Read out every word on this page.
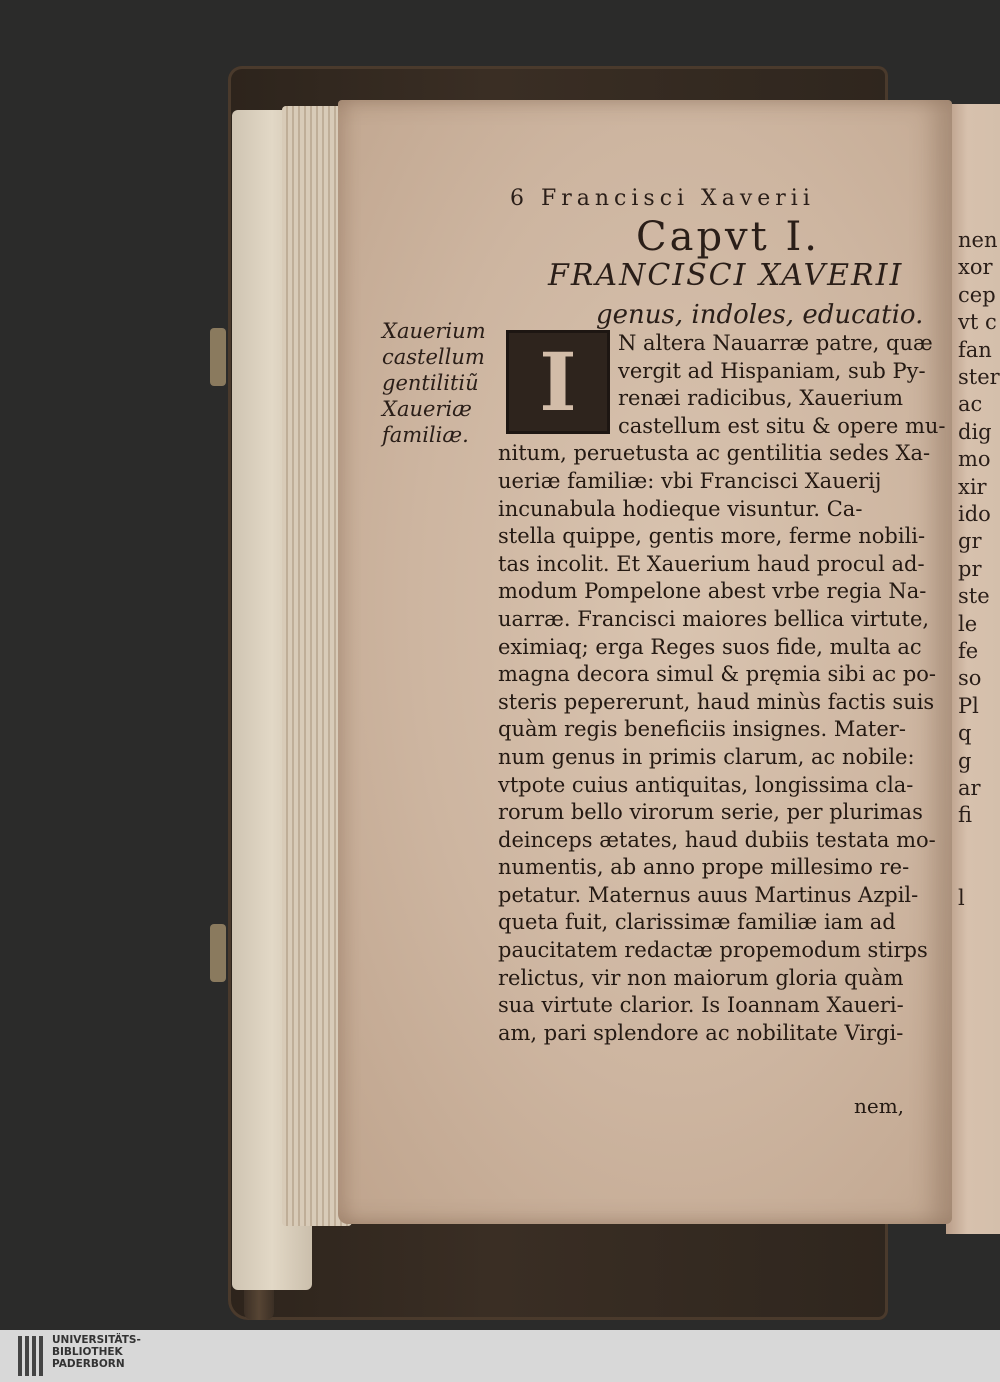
nen
xor
cep
vt c
fan
ster
ac
dig
mo
xir
ido
gr
pr
ste
le
fe
so
Pl
q
g
ar
fi
l
6 Francisci Xaverii
Capvt I.
FRANCISCI XAVERII
genus, indoles, educatio.
Xauerium
castellum
gentilitiũ
Xaueriæ
familiæ.
I	N altera Nauarræ patre, quæ
vergit ad Hispaniam, sub Py-
renæi radicibus, Xauerium
castellum est situ & opere mu-
nitum, peruetusta ac gentilitia sedes Xa-
ueriæ familiæ: vbi Francisci Xauerij
incunabula hodieque visuntur. Ca-
stella quippe, gentis more, ferme nobili-
tas incolit. Et Xauerium haud procul ad-
modum Pompelone abest vrbe regia Na-
uarræ. Francisci maiores bellica virtute,
eximiaq; erga Reges suos fide, multa ac
magna decora simul & pręmia sibi ac po-
steris pepererunt, haud minùs factis suis
quàm regis beneficiis insignes. Mater-
num genus in primis clarum, ac nobile:
vtpote cuius antiquitas, longissima cla-
rorum bello virorum serie, per plurimas
deinceps ætates, haud dubiis testata mo-
numentis, ab anno prope millesimo re-
petatur. Maternus auus Martinus Azpil-
queta fuit, clarissimæ familiæ iam ad
paucitatem redactæ propemodum stirps
relictus, vir non maiorum gloria quàm
sua virtute clarior. Is Ioannam Xaueri-
am, pari splendore ac nobilitate Virgi-
nem,
UNIVERSITÄTS-
BIBLIOTHEK
PADERBORN
